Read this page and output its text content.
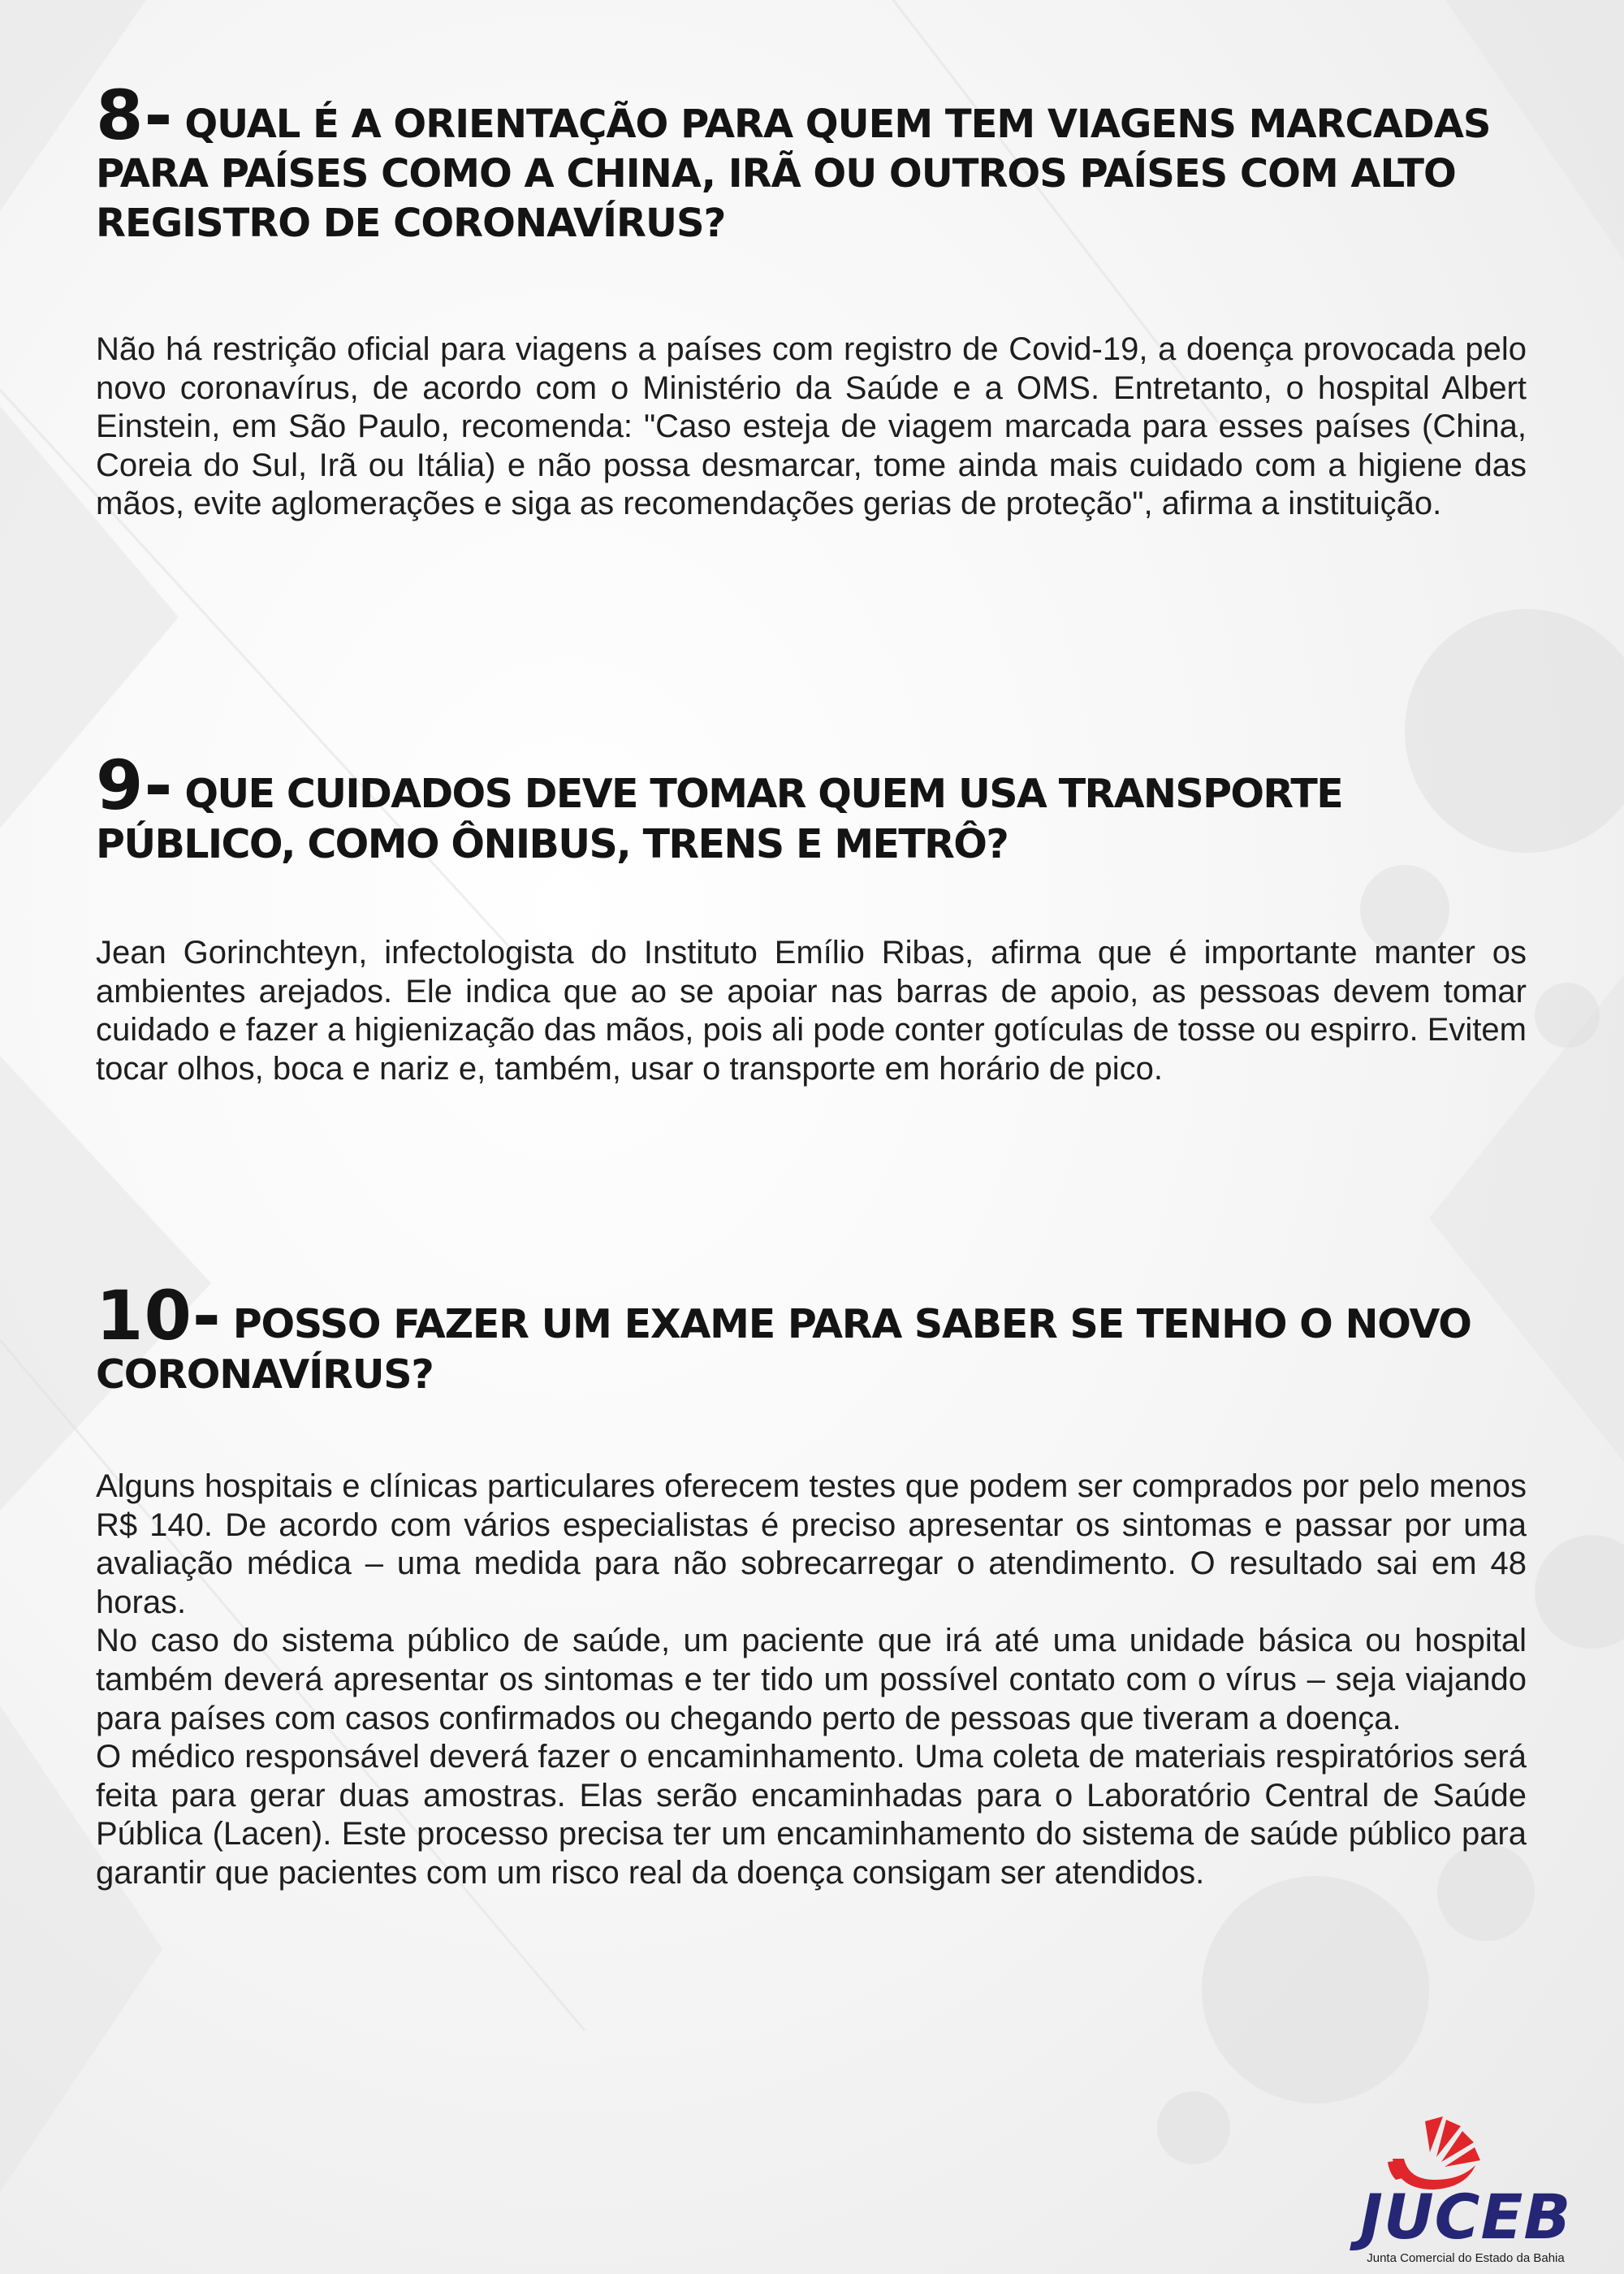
8- QUAL É A ORIENTAÇÃO PARA QUEM TEM VIAGENS MARCADAS PARA PAÍSES COMO A CHINA, IRÃ OU OUTROS PAÍSES COM ALTO REGISTRO DE CORONAVÍRUS?

Não há restrição oficial para viagens a países com registro de Covid-19, a doença provocada pelo novo coronavírus, de acordo com o Ministério da Saúde e a OMS. Entretanto, o hospital Albert Einstein, em São Paulo, recomenda: "Caso esteja de viagem marcada para esses países (China, Coreia do Sul, Irã ou Itália) e não possa desmarcar, tome ainda mais cuidado com a higiene das mãos, evite aglomerações e siga as recomendações gerias de proteção", afirma a instituição.

9- QUE CUIDADOS DEVE TOMAR QUEM USA TRANSPORTE PÚBLICO, COMO ÔNIBUS, TRENS E METRÔ?

Jean Gorinchteyn, infectologista do Instituto Emílio Ribas, afirma que é importante manter os ambientes arejados. Ele indica que ao se apoiar nas barras de apoio, as pessoas devem tomar cuidado e fazer a higienização das mãos, pois ali pode conter gotículas de tosse ou espirro. Evitem tocar olhos, boca e nariz e, também, usar o transporte em horário de pico.

10- POSSO FAZER UM EXAME PARA SABER SE TENHO O NOVO CORONAVÍRUS?

Alguns hospitais e clínicas particulares oferecem testes que podem ser comprados por pelo menos R$ 140. De acordo com vários especialistas é preciso apresentar os sintomas e passar por uma avaliação médica – uma medida para não sobrecarregar o atendimento. O resultado sai em 48 horas.

No caso do sistema público de saúde, um paciente que irá até uma unidade básica ou hospital também deverá apresentar os sintomas e ter tido um possível contato com o vírus – seja viajando para países com casos confirmados ou chegando perto de pessoas que tiveram a doença.

O médico responsável deverá fazer o encaminhamento. Uma coleta de materiais respiratórios será feita para gerar duas amostras. Elas serão encaminhadas para o Laboratório Central de Saúde Pública (Lacen). Este processo precisa ter um encaminhamento do sistema de saúde público para garantir que pacientes com um risco real da doença consigam ser atendidos.

JUCEB
Junta Comercial do Estado da Bahia
